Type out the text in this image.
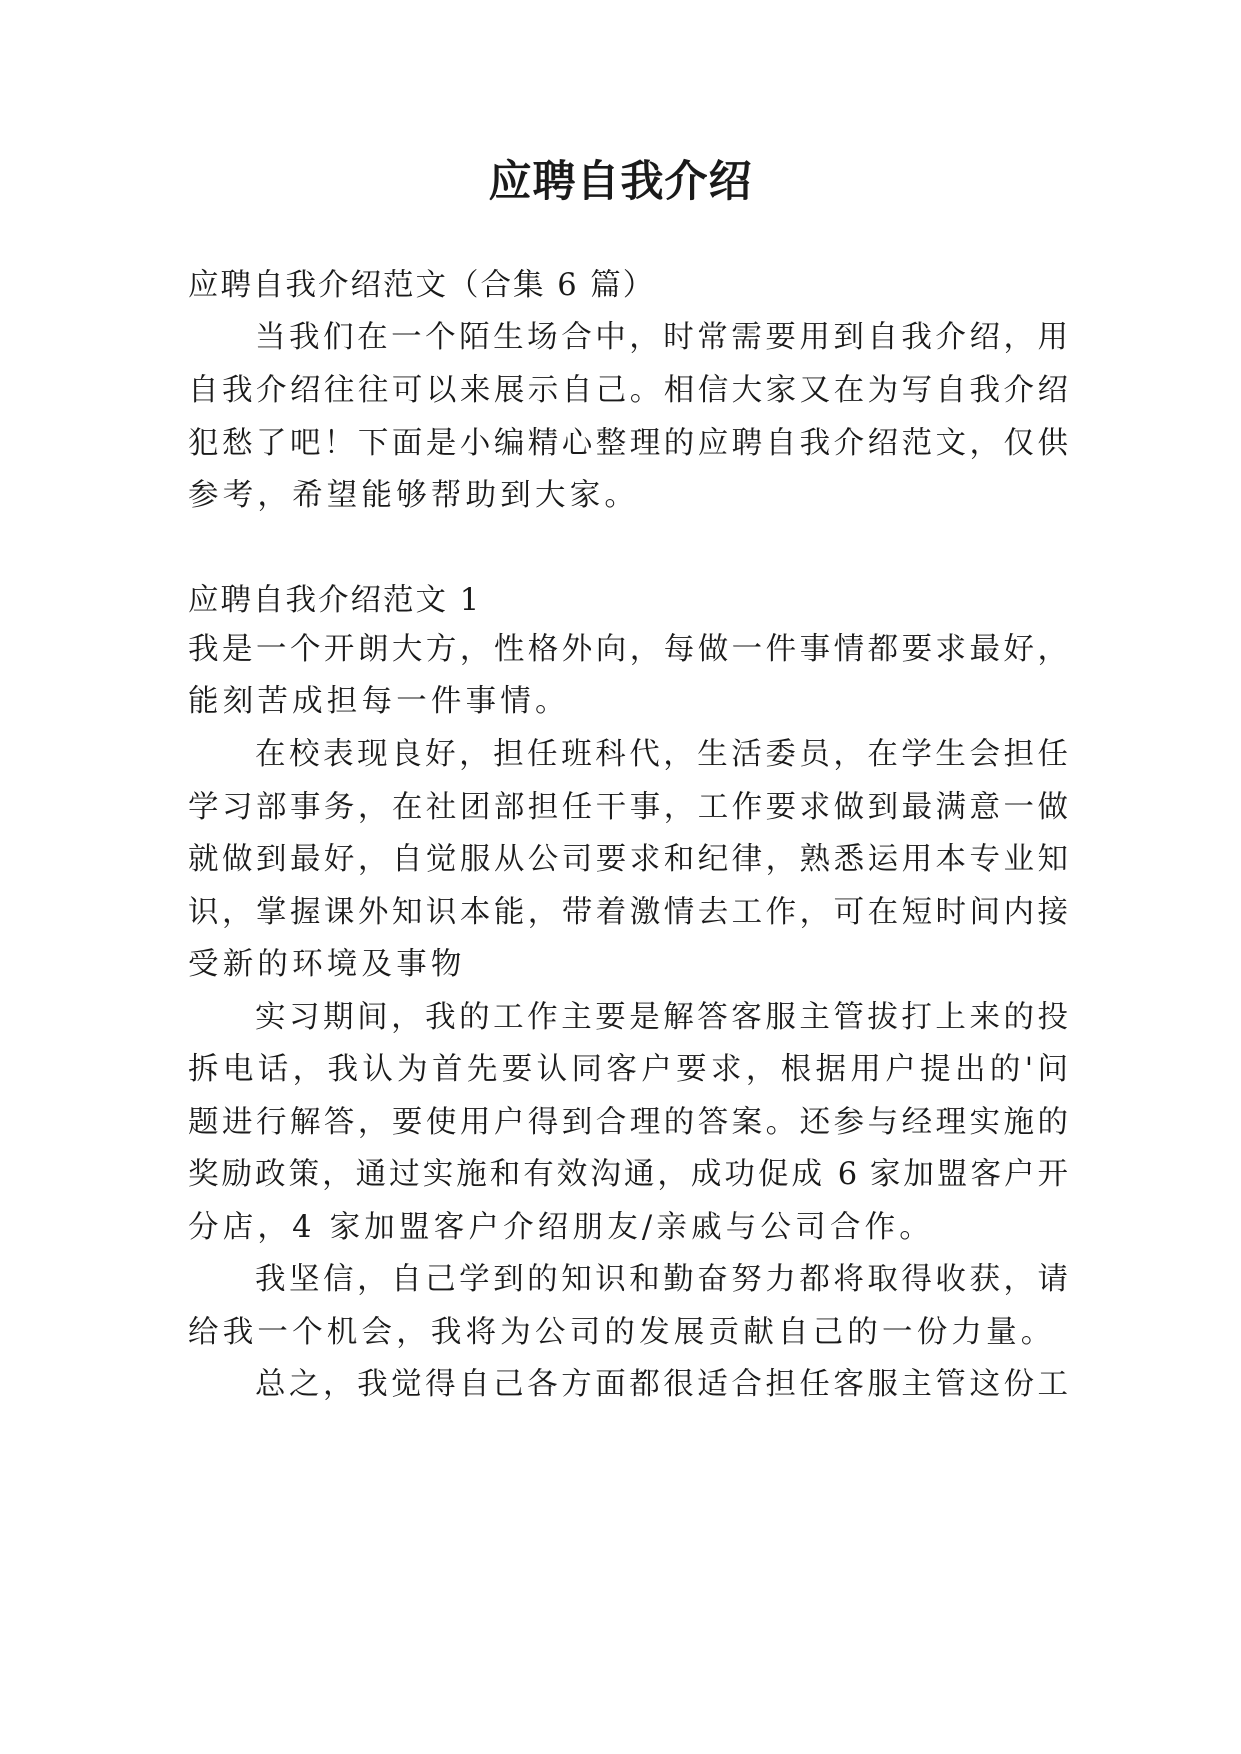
应聘自我介绍

应聘自我介绍范文（合集 6 篇）

当我们在一个陌生场合中，时常需要用到自我介绍，用

自我介绍往往可以来展示自己。相信大家又在为写自我介绍

犯愁了吧！下面是小编精心整理的应聘自我介绍范文，仅供

参考，希望能够帮助到大家。

应聘自我介绍范文 1

我是一个开朗大方，性格外向，每做一件事情都要求最好，

能刻苦成担每一件事情。

在校表现良好，担任班科代，生活委员，在学生会担任

学习部事务，在社团部担任干事，工作要求做到最满意一做

就做到最好，自觉服从公司要求和纪律，熟悉运用本专业知

识，掌握课外知识本能，带着激情去工作，可在短时间内接

受新的环境及事物

实习期间，我的工作主要是解答客服主管拔打上来的投

拆电话，我认为首先要认同客户要求，根据用户提出的'问

题进行解答，要使用户得到合理的答案。还参与经理实施的

奖励政策，通过实施和有效沟通，成功促成 6 家加盟客户开

分店，4 家加盟客户介绍朋友/亲戚与公司合作。

我坚信，自己学到的知识和勤奋努力都将取得收获，请

给我一个机会，我将为公司的发展贡献自己的一份力量。

总之，我觉得自己各方面都很适合担任客服主管这份工
